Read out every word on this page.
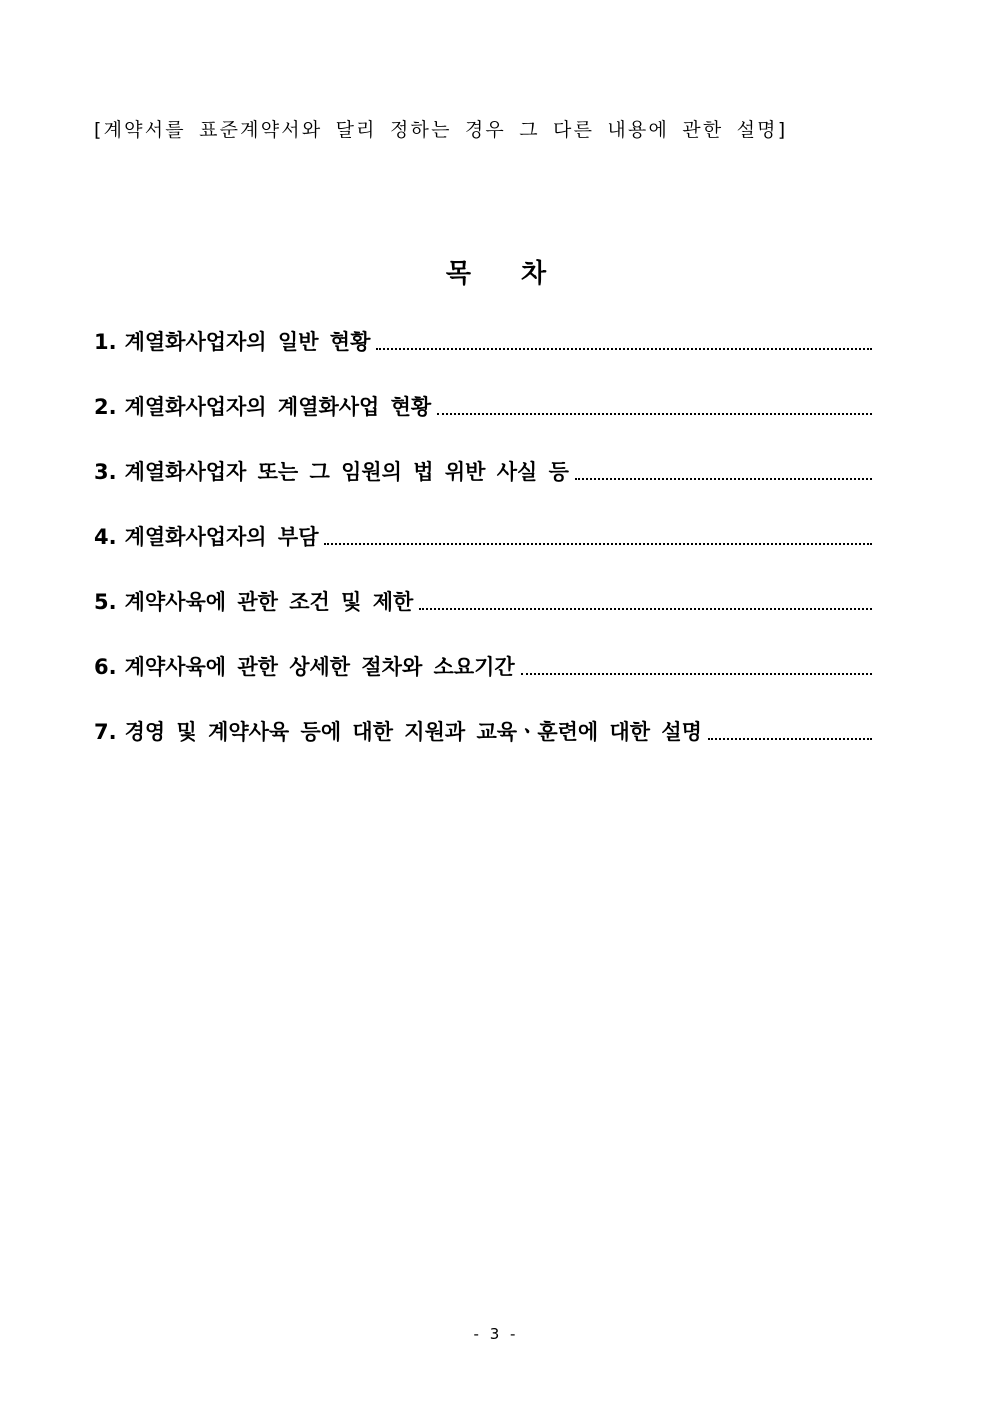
[계약서를 표준계약서와 달리 정하는 경우 그 다른 내용에 관한 설명]
목 차
1. 계열화사업자의 일반 현황
2. 계열화사업자의 계열화사업 현황
3. 계열화사업자 또는 그 임원의 법 위반 사실 등
4. 계열화사업자의 부담
5. 계약사육에 관한 조건 및 제한
6. 계약사육에 관한 상세한 절차와 소요기간
7. 경영 및 계약사육 등에 대한 지원과 교육ㆍ훈련에 대한 설명
- 3 -
